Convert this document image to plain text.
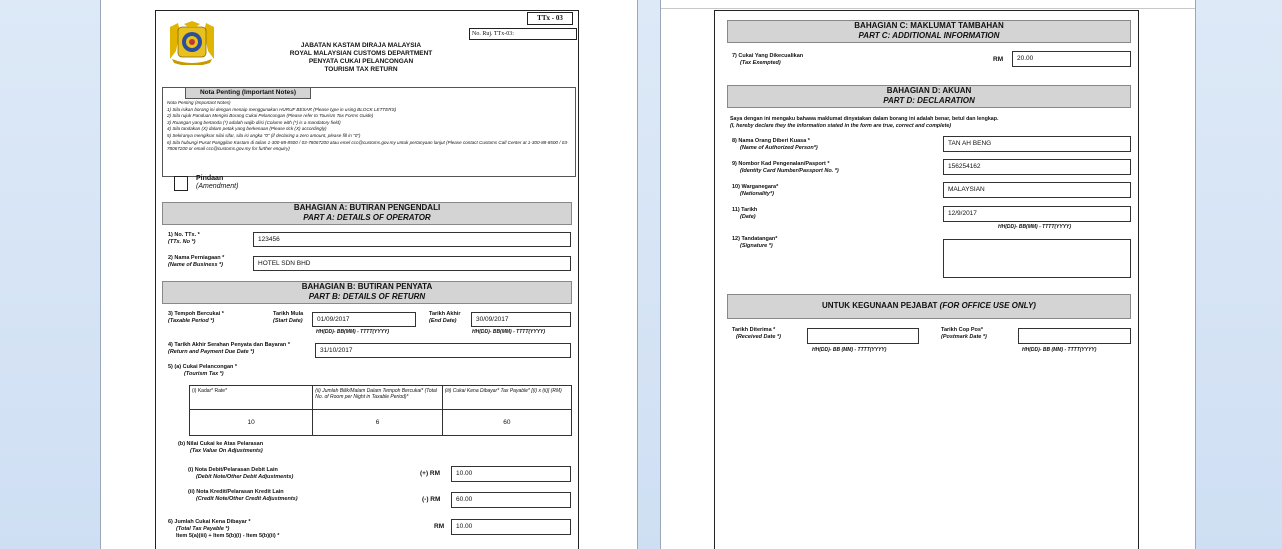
TTx - 03
No. Ruj. TTx-03:
JABATAN KASTAM DIRAJA MALAYSIA
ROYAL MALAYSIAN CUSTOMS DEPARTMENT
PENYATA CUKAI PELANCONGAN
TOURISM TAX RETURN
Nota Penting (Important Notes)
Nota Penting (Important Notes)
1) Sila isikan borang ini dengan menaip menggunakan HURUF BESAR (Please type in using BLOCK LETTERS)
2) Sila rujuk Panduan Mengisi Borang Cukai Pelancongan (Please refer to Tourism Tax Forms Guide)
3) Ruangan yang bertanda (*) adalah wajib diisi (Column with (*) is a mandatory field)
4) Sila tandakan (X) dalam petak yang berkenaan (Please tick (X) accordingly)
5) Sekiranya mengikrar nilai sifar, sila isi angka "0" (if declaring a zero amount, please fill in "0")
6) Sila hubungi Pusat Panggilan Kastam di talian 1-300-88-8500 / 03-78067200 atau emel ccc@customs.gov.my untuk pertanyaan lanjut (Please contact Customs Call Center at 1-300-88-8500 / 03-78067200 or email ccc@customs.gov.my for further enquiry)
Pindaan
(Amendment)
BAHAGIAN A: BUTIRAN PENGENDALI
PART A: DETAILS OF OPERATOR
1) No. TTx. *
(TTx. No *)	123456
2) Nama Perniagaan *
(Name of Business *)	HOTEL SDN BHD
BAHAGIAN B: BUTIRAN PENYATA
PART B: DETAILS OF RETURN
3) Tempoh Bercukai *
(Taxable Period *)
Tarikh Mula
(Start Date)	01/09/2017
Tarikh Akhir
(End Date)	30/09/2017
HH(DD)- BB(MM) - TTTT(YYYY)	HH(DD)- BB(MM) - TTTT(YYYY)
4) Tarikh Akhir Serahan Penyata dan Bayaran *
(Return and Payment Due Date *)	31/10/2017
5) (a) Cukai Pelancongan *
(Tourism Tax *)
(i) Kadar* Rate*	(ii) Jumlah Bilik/Malam Dalam Tempoh Bercukai* (Total No. of Room per Night in Taxable Period)*	(iii) Cukai Kena Dibayar* Tax Payable* [(i) x (ii)] (RM)
10	6	60
(b) Nilai Cukai ke Atas Pelarasan
(Tax Value On Adjustments)
(i) Nota Debit/Pelarasan Debit Lain
(Debit Note/Other Debit Adjustments)	(+) RM	10.00
(ii) Nota Kredit/Pelarasan Kredit Lain
(Credit Note/Other Credit Adjustments)	(-) RM	60.00
6) Jumlah Cukai Kena Dibayar *
(Total Tax Payable *)
Item 5(a)(iii) + Item 5(b)(i) - Item 5(b)(ii) *
RM	10.00
BAHAGIAN C: MAKLUMAT TAMBAHAN
PART C: ADDITIONAL INFORMATION
7) Cukai Yang Dikecualikan
(Tax Exempted)	RM	20.00
BAHAGIAN D: AKUAN
PART D: DECLARATION
Saya dengan ini mengaku bahawa maklumat dinyatakan dalam borang ini adalah benar, betul dan lengkap.
(I, hereby declare they the information stated in the form are true, correct and complete)
8) Nama Orang Diberi Kuasa *
(Name of Authorized Person*)
TAN AH BENG
9) Nombor Kad Pengenalan/Pasport *
(Identity Card Number/Passport No. *)
156254162
10) Warganegara*
(Nationality*)
MALAYSIAN
11) Tarikh
(Date)	12/9/2017
HH(DD)- BB(MM) - TTTT(YYYY)
12) Tandatangan*
(Signature *)
UNTUK KEGUNAAN PEJABAT (FOR OFFICE USE ONLY)
Tarikh Diterima *
(Received Date *)
HH(DD)- BB (MM) - TTTT(YYYY)
Tarikh Cop Pos*
(Postmark Date *)
HH(DD)- BB (MM) - TTTT(YYYY)
